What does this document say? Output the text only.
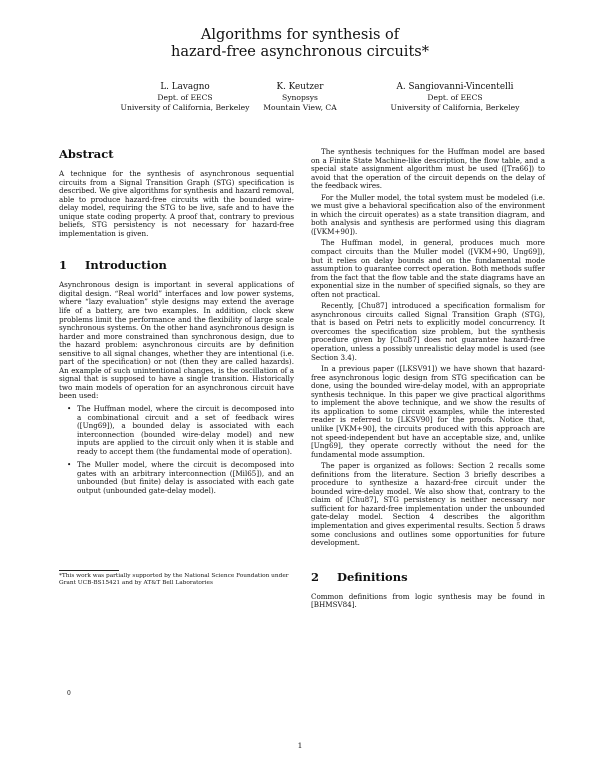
Algorithms for synthesis of
hazard-free asynchronous circuits*
L. Lavagno
Dept. of EECS
University of California, Berkeley
K. Keutzer
Synopsys
Mountain View, CA
A. Sangiovanni-Vincentelli
Dept. of EECS
University of California, Berkeley
Abstract

A technique for the synthesis of asynchronous sequential circuits from a Signal Transition Graph (STG) specification is described. We give algorithms for synthesis and hazard removal, able to produce hazard-free circuits with the bounded wire-delay model, requiring the STG to be live, safe and to have the unique state coding property. A proof that, contrary to previous beliefs, STG persistency is not necessary for hazard-free implementation is given.

1 Introduction

Asynchronous design is important in several applications of digital design. “Real world” interfaces and low power systems, where “lazy evaluation” style designs may extend the average life of a battery, are two examples. In addition, clock skew problems limit the performance and the flexibility of large scale synchronous systems. On the other hand asynchronous design is harder and more constrained than synchronous design, due to the hazard problem: asynchronous circuits are by definition sensitive to all signal changes, whether they are intentional (i.e. part of the specification) or not (then they are called hazards). An example of such unintentional changes, is the oscillation of a signal that is supposed to have a single transition. Historically two main models of operation for an asynchronous circuit have been used:

• The Huffman model, where the circuit is decomposed into a combinational circuit and a set of feedback wires ([Ung69]), a bounded delay is associated with each interconnection (bounded wire-delay model) and new inputs are applied to the circuit only when it is stable and ready to accept them (the fundamental mode of operation).
• The Muller model, where the circuit is decomposed into gates with an arbitrary interconnection ([Mil65]), and an unbounded (but finite) delay is associated with each gate output (unbounded gate-delay model).
*This work was partially supported by the National Science Foundation under Grant UCB-BS15421 and by AT&T Bell Laboratories
0

The synthesis techniques for the Huffman model are based on a Finite State Machine-like description, the flow table, and a special state assignment algorithm must be used ([Tra66]) to avoid that the operation of the circuit depends on the delay of the feedback wires.

For the Muller model, the total system must be modeled (i.e. we must give a behavioral specification also of the environment in which the circuit operates) as a state transition diagram, and both analysis and synthesis are performed using this diagram ([VKM+90]).

The Huffman model, in general, produces much more compact circuits than the Muller model ([VKM+90, Ung69]), but it relies on delay bounds and on the fundamental mode assumption to guarantee correct operation. Both methods suffer from the fact that the flow table and the state diagrams have an exponential size in the number of specified signals, so they are often not practical.

Recently, [Chu87] introduced a specification formalism for asynchronous circuits called Signal Transition Graph (STG), that is based on Petri nets to explicitly model concurrency. It overcomes the specification size problem, but the synthesis procedure given by [Chu87] does not guarantee hazard-free operation, unless a possibly unrealistic delay model is used (see Section 3.4).

In a previous paper ([LKSV91]) we have shown that hazard-free asynchronous logic design from STG specification can be done, using the bounded wire-delay model, with an appropriate synthesis technique. In this paper we give practical algorithms to implement the above technique, and we show the results of its application to some circuit examples, while the interested reader is referred to [LKSV90] for the proofs. Notice that, unlike [VKM+90], the circuits produced with this approach are not speed-independent but have an acceptable size, and, unlike [Ung69], they operate correctly without the need for the fundamental mode assumption.

The paper is organized as follows: Section 2 recalls some definitions from the literature. Section 3 briefly describes a procedure to synthesize a hazard-free circuit under the bounded wire-delay model. We also show that, contrary to the claim of [Chu87], STG persistency is neither necessary nor sufficient for hazard-free implementation under the unbounded gate-delay model. Section 4 describes the algorithm implementation and gives experimental results. Section 5 draws some conclusions and outlines some opportunities for future development.

2 Definitions

Common definitions from logic synthesis may be found in [BHMSV84].

1
